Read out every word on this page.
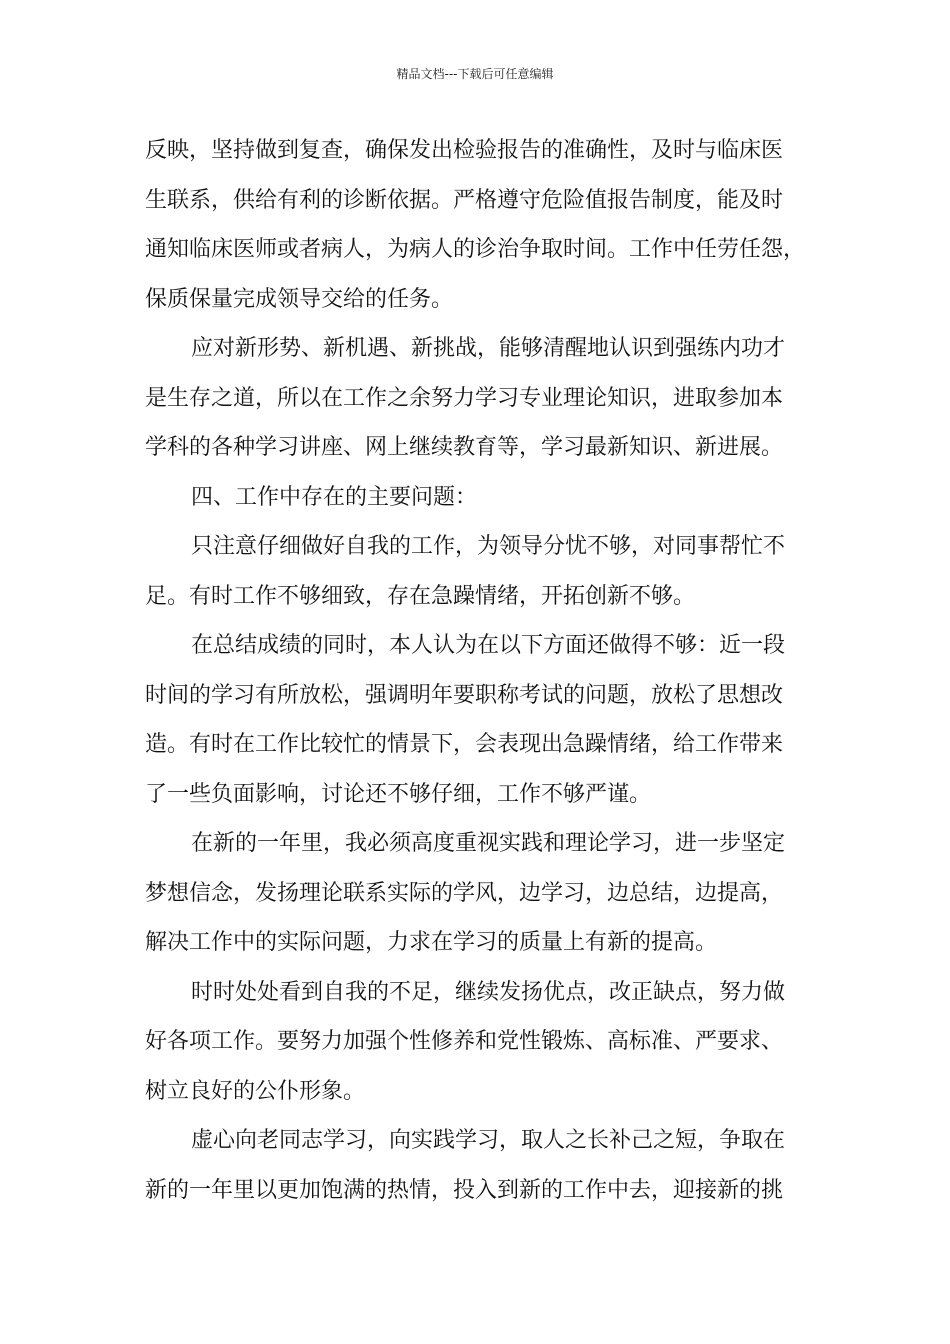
精品文档---下载后可任意编辑
反映，坚持做到复查，确保发出检验报告的准确性，及时与临床医
生联系，供给有利的诊断依据。严格遵守危险值报告制度，能及时
通知临床医师或者病人，为病人的诊治争取时间。工作中任劳任怨，
保质保量完成领导交给的任务。
应对新形势、新机遇、新挑战，能够清醒地认识到强练内功才
是生存之道，所以在工作之余努力学习专业理论知识，进取参加本
学科的各种学习讲座、网上继续教育等，学习最新知识、新进展。
四、工作中存在的主要问题：
只注意仔细做好自我的工作，为领导分忧不够，对同事帮忙不
足。有时工作不够细致，存在急躁情绪，开拓创新不够。
在总结成绩的同时，本人认为在以下方面还做得不够：近一段
时间的学习有所放松，强调明年要职称考试的问题，放松了思想改
造。有时在工作比较忙的情景下，会表现出急躁情绪，给工作带来
了一些负面影响，讨论还不够仔细，工作不够严谨。
在新的一年里，我必须高度重视实践和理论学习，进一步坚定
梦想信念，发扬理论联系实际的学风，边学习，边总结，边提高，
解决工作中的实际问题，力求在学习的质量上有新的提高。
时时处处看到自我的不足，继续发扬优点，改正缺点，努力做
好各项工作。要努力加强个性修养和党性锻炼、高标准、严要求、
树立良好的公仆形象。
虚心向老同志学习，向实践学习，取人之长补己之短，争取在
新的一年里以更加饱满的热情，投入到新的工作中去，迎接新的挑
